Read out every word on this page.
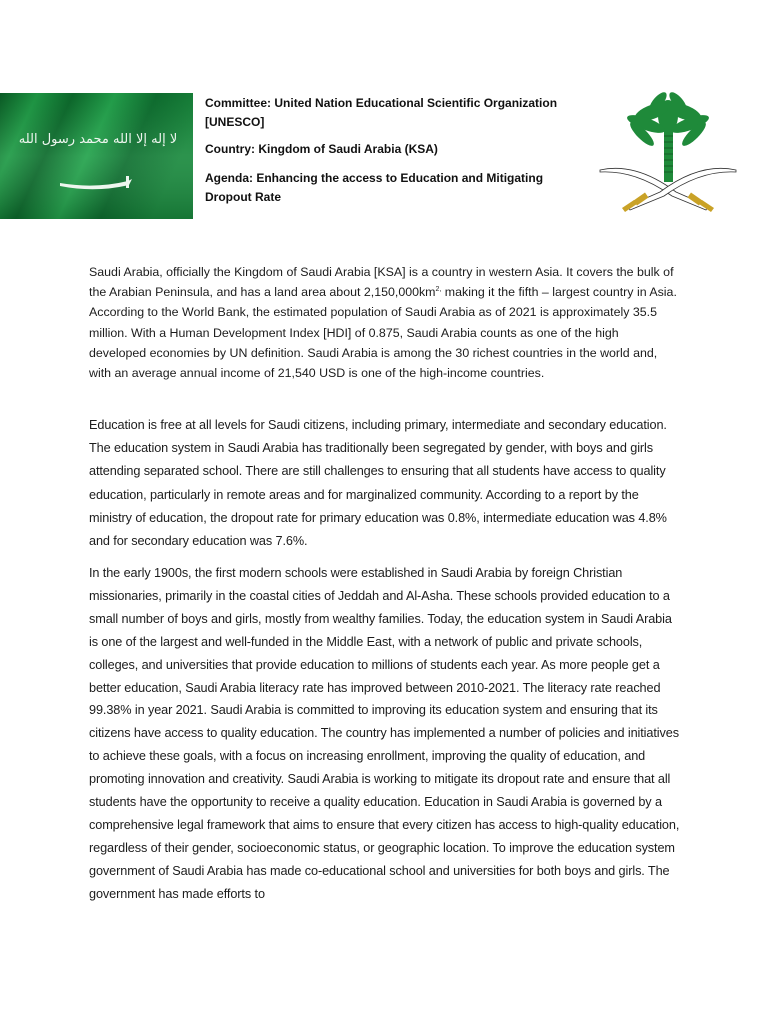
لا إله إلا الله محمد رسول الله

Committee: United Nation Educational Scientific Organization [UNESCO]

Country: Kingdom of Saudi Arabia (KSA)

Agenda: Enhancing the access to Education and Mitigating Dropout Rate

Saudi Arabia, officially the Kingdom of Saudi Arabia [KSA] is a country in western Asia. It covers the bulk of the Arabian Peninsula, and has a land area about $2,150,000km^{2,}$ making it the fifth – largest country in Asia. According to the World Bank, the estimated population of Saudi Arabia as of 2021 is approximately 35.5 million. With a Human Development Index [HDI] of 0.875, Saudi Arabia counts as one of the high developed economies by UN definition. Saudi Arabia is among the 30 richest countries in the world and, with an average annual income of 21,540 USD is one of the high-income countries.

Education is free at all levels for Saudi citizens, including primary, intermediate and secondary education. The education system in Saudi Arabia has traditionally been segregated by gender, with boys and girls attending separated school. There are still challenges to ensuring that all students have access to quality education, particularly in remote areas and for marginalized community. According to a report by the ministry of education, the dropout rate for primary education was 0.8%, intermediate education was 4.8% and for secondary education was 7.6%.

In the early 1900s, the first modern schools were established in Saudi Arabia by foreign Christian missionaries, primarily in the coastal cities of Jeddah and Al-Asha. These schools provided education to a small number of boys and girls, mostly from wealthy families. Today, the education system in Saudi Arabia is one of the largest and well-funded in the Middle East, with a network of public and private schools, colleges, and universities that provide education to millions of students each year. As more people get a better education, Saudi Arabia literacy rate has improved between 2010-2021. The literacy rate reached 99.38% in year 2021. Saudi Arabia is committed to improving its education system and ensuring that its citizens have access to quality education. The country has implemented a number of policies and initiatives to achieve these goals, with a focus on increasing enrollment, improving the quality of education, and promoting innovation and creativity. Saudi Arabia is working to mitigate its dropout rate and ensure that all students have the opportunity to receive a quality education. Education in Saudi Arabia is governed by a comprehensive legal framework that aims to ensure that every citizen has access to high-quality education, regardless of their gender, socioeconomic status, or geographic location. To improve the education system government of Saudi Arabia has made co-educational school and universities for both boys and girls. The government has made efforts to
